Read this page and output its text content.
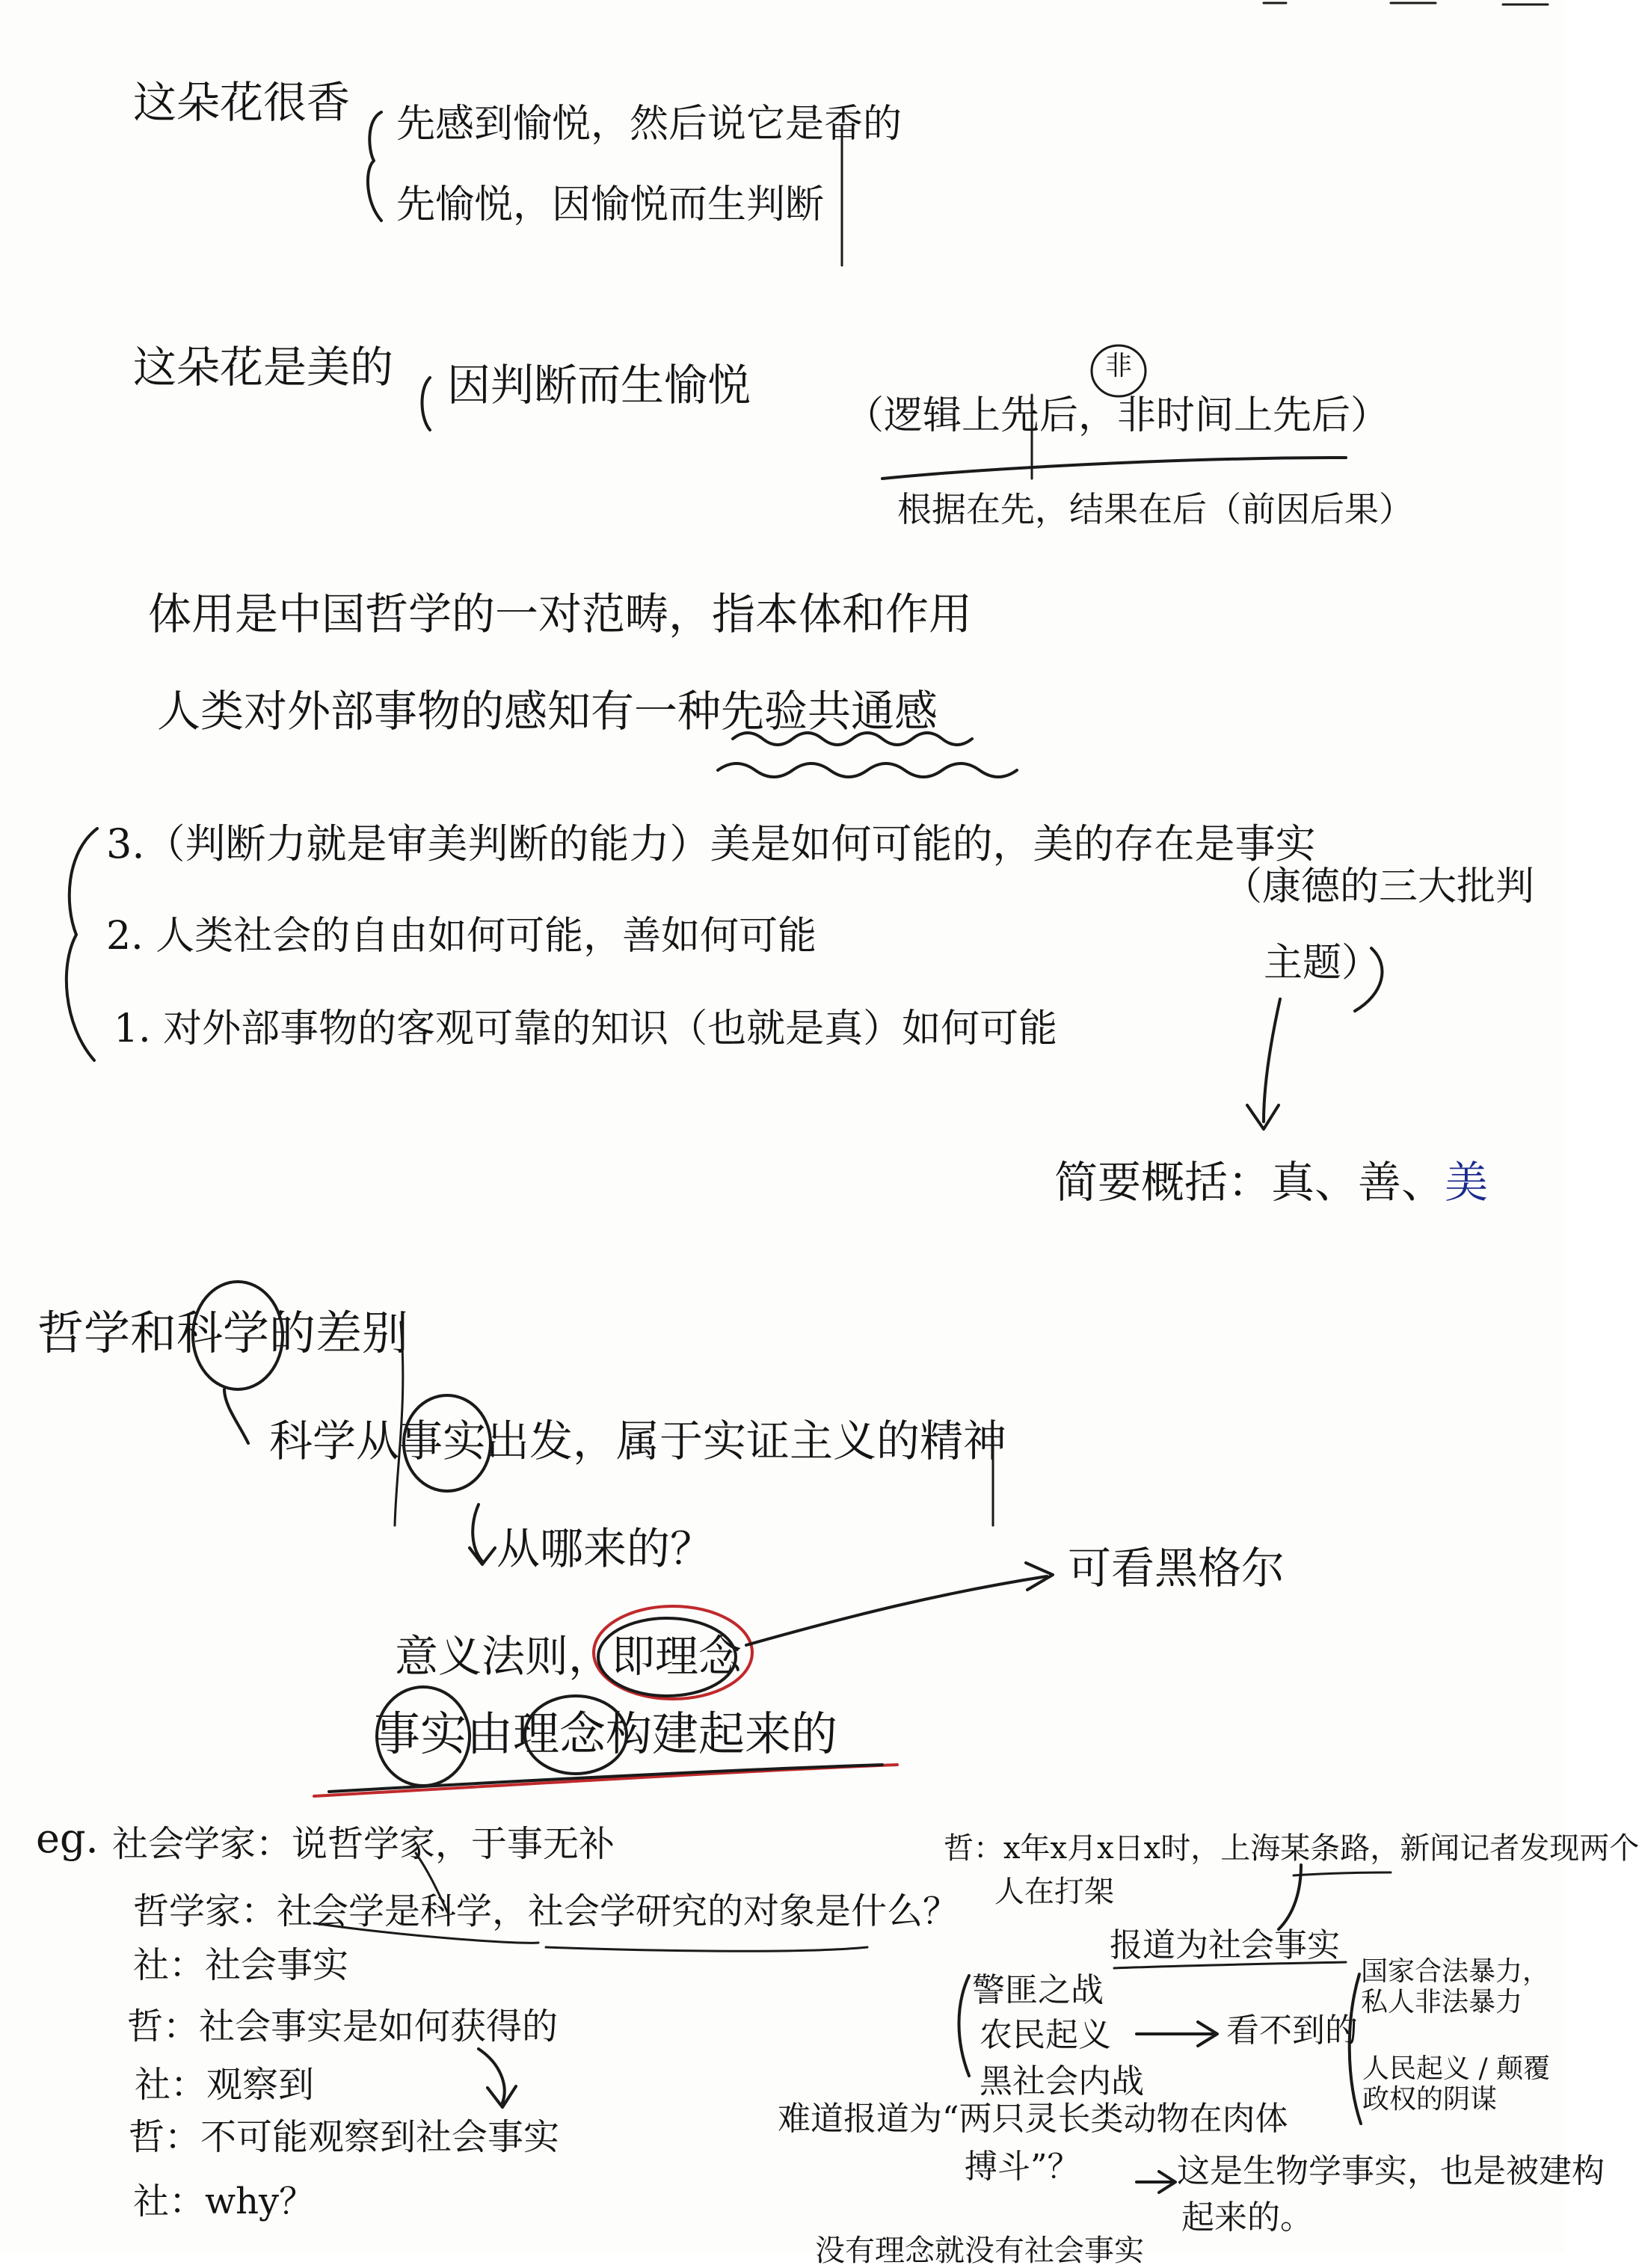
这朵花很香 先感到愉悦，然后说它是香的
先愉悦，因愉悦而生判断
这朵花是美的 因判断而生愉悦
（逻辑上先后，非时间上先后）
非
根据在先，结果在后（前因后果）
体用是中国哲学的一对范畴，指本体和作用
人类对外部事物的感知有一种先验共通感
3.（判断力就是审美判断的能力）美是如何可能的，美的存在是事实
2. 人类社会的自由如何可能，善如何可能
1. 对外部事物的客观可靠的知识（也就是真）如何可能
（康德的三大批判
主题）
简要概括：真、善、美
哲学和科学的差别
科学从事实出发，属于实证主义的精神
从哪来的？	可看黑格尔
意义法则，即理念
事实由理念构建起来的
eg. 社会学家：说哲学家，于事无补
哲学家：社会学是科学，社会学研究的对象是什么？
社：社会事实
哲：社会事实是如何获得的
社：观察到
哲：不可能观察到社会事实
社：why？
哲：x年x月x日x时，上海某条路，新闻记者发现两个
人在打架
报道为社会事实
警匪之战
农民起义
黑社会内战
看不到的
国家合法暴力，私人非法暴力
人民起义 / 颠覆政权的阴谋
难道报道为“两只灵长类动物在肉体
搏斗”？	这是生物学事实，也是被建构
起来的。
没有理念就没有社会事实
